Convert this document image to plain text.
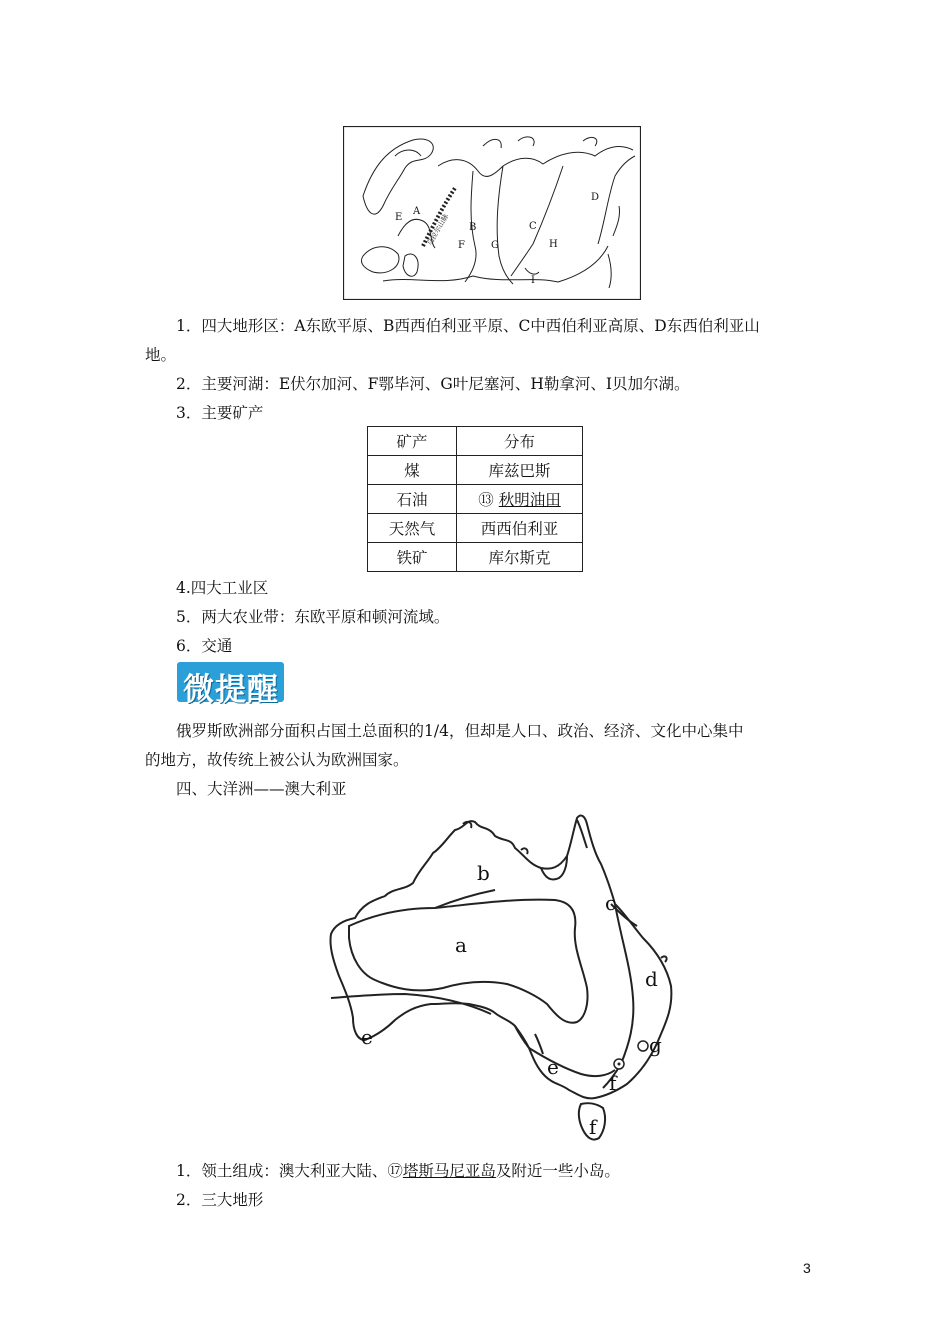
A
B	C
D
E
F	G	H
I
乌拉尔山脉
1．四大地形区：A东欧平原、B西西伯利亚平原、C中西伯利亚高原、D东西伯利亚山
地。
2．主要河湖：E伏尔加河、F鄂毕河、G叶尼塞河、H勒拿河、I贝加尔湖。
3．主要矿产
矿产	分布
煤	库兹巴斯
石油	⑬ 秋明油田
天然气	西西伯利亚
铁矿	库尔斯克
4.四大工业区
5．两大农业带：东欧平原和顿河流域。
6．交通
微提醒
俄罗斯欧洲部分面积占国土总面积的1/4，但却是人口、政治、经济、文化中心集中
的地方，故传统上被公认为欧洲国家。
四、大洋洲——澳大利亚
a
b
c
d
e
e
f
f
g
1．领土组成：澳大利亚大陆、⑰塔斯马尼亚岛及附近一些小岛。
2．三大地形
3
